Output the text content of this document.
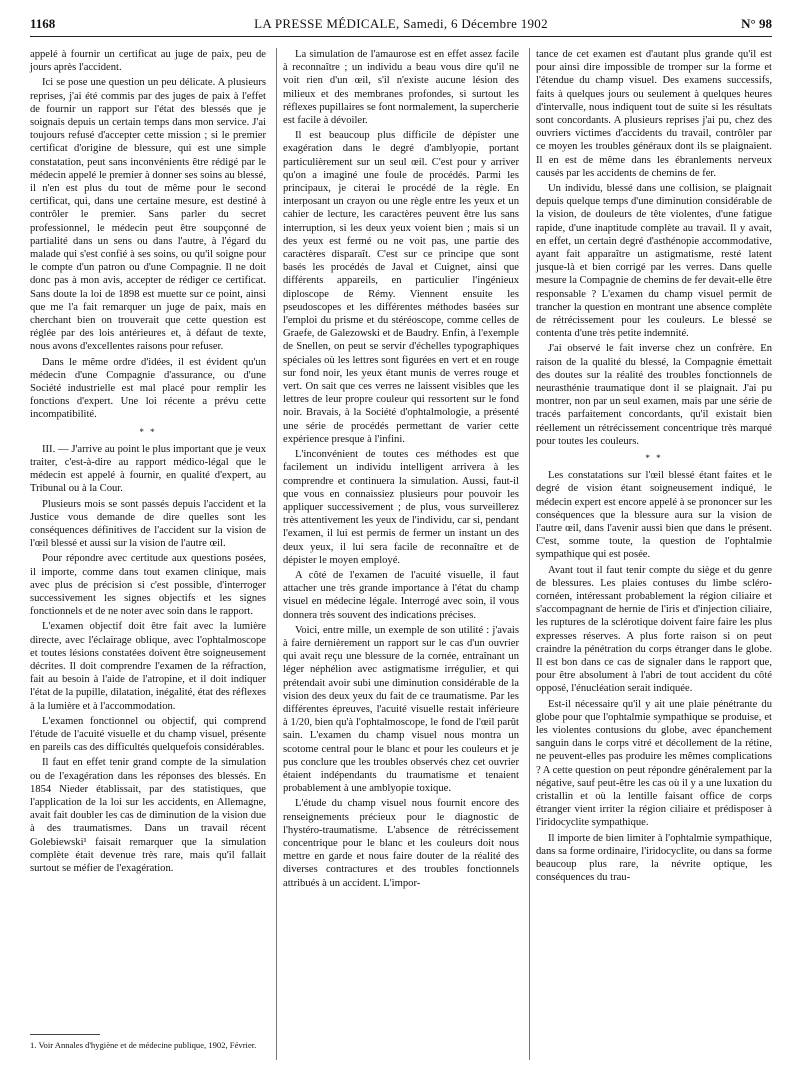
1168	LA PRESSE MÉDICALE, Samedi, 6 Décembre 1902	N° 98

appelé à fournir un certificat au juge de paix, peu de jours après l'accident.

Ici se pose une question un peu délicate. A plusieurs reprises, j'ai été commis par des juges de paix à l'effet de fournir un rapport sur l'état des blessés que je soignais depuis un certain temps dans mon service. J'ai toujours refusé d'accepter cette mission ; si le premier certificat d'origine de blessure, qui est une simple constatation, peut sans inconvénients être rédigé par le médecin appelé le premier à donner ses soins au blessé, il n'en est plus du tout de même pour le second certificat, qui, dans une certaine mesure, est destiné à contrôler le premier. Sans parler du secret professionnel, le médecin peut être soupçonné de partialité dans un sens ou dans l'autre, à l'égard du malade qui s'est confié à ses soins, ou qu'il soigne pour le compte d'un patron ou d'une Compagnie. Il ne doit donc pas à mon avis, accepter de rédiger ce certificat. Sans doute la loi de 1898 est muette sur ce point, ainsi que me l'a fait remarquer un juge de paix, mais en cherchant bien on trouverait que cette question est réglée par des lois antérieures et, à défaut de texte, nous avons d'excellentes raisons pour refuser.

Dans le même ordre d'idées, il est évident qu'un médecin d'une Compagnie d'assurance, ou d'une Société industrielle est mal placé pour remplir les fonctions d'expert. Une loi récente a prévu cette incompatibilité.

* *

III. — J'arrive au point le plus important que je veux traiter, c'est-à-dire au rapport médico-légal que le médecin est appelé à fournir, en qualité d'expert, au Tribunal ou à la Cour.

Plusieurs mois se sont passés depuis l'accident et la Justice vous demande de dire quelles sont les conséquences définitives de l'accident sur la vision de l'œil blessé et aussi sur la vision de l'autre œil.

Pour répondre avec certitude aux questions posées, il importe, comme dans tout examen clinique, mais avec plus de précision si c'est possible, d'interroger successivement les signes objectifs et les signes fonctionnels et de ne noter avec soin dans le rapport.

L'examen objectif doit être fait avec la lumière directe, avec l'éclairage oblique, avec l'ophtalmoscope et toutes lésions constatées doivent être soigneusement décrites. Il doit comprendre l'examen de la réfraction, fait au besoin à l'aide de l'atropine, et il doit indiquer l'état de la pupille, dilatation, inégalité, état des réflexes à la lumière et à l'accommodation.

L'examen fonctionnel ou objectif, qui comprend l'étude de l'acuité visuelle et du champ visuel, présente en pareils cas des difficultés quelquefois considérables.

Il faut en effet tenir grand compte de la simulation ou de l'exagération dans les réponses des blessés. En 1854 Nieder établissait, par des statistiques, que l'application de la loi sur les accidents, en Allemagne, avait fait doubler les cas de diminution de la vision due à des traumatismes. Dans un travail récent Golebiewski¹ faisait remarquer que la simulation complète était devenue très rare, mais qu'il fallait surtout se méfier de l'exagération.

La simulation de l'amaurose est en effet assez facile à reconnaître ; un individu a beau vous dire qu'il ne voit rien d'un œil, s'il n'existe aucune lésion des milieux et des membranes profondes, si surtout les réflexes pupillaires se font normalement, la supercherie est facile à dévoiler.

Il est beaucoup plus difficile de dépister une exagération dans le degré d'amblyopie, portant particulièrement sur un seul œil. C'est pour y arriver qu'on a imaginé une foule de procédés. Parmi les principaux, je citerai le procédé de la règle. En interposant un crayon ou une règle entre les yeux et un cahier de lecture, les caractères peuvent être lus sans interruption, si les deux yeux voient bien ; mais si un des yeux est fermé ou ne voit pas, une partie des caractères disparaît. C'est sur ce principe que sont basés les procédés de Javal et Cuignet, ainsi que différents appareils, en particulier l'ingénieux diploscope de Rémy. Viennent ensuite les pseudoscopes et les différentes méthodes basées sur l'emploi du prisme et du stéréoscope, comme celles de Graefe, de Galezowski et de Baudry. Enfin, à l'exemple de Snellen, on peut se servir d'échelles typographiques spéciales où les lettres sont figurées en vert et en rouge sur fond noir, les yeux étant munis de verres rouge et vert. On sait que ces verres ne laissent visibles que les lettres de leur propre couleur qui ressortent sur le fond noir. Bravais, à la Société d'ophtalmologie, a présenté une série de procédés permettant de varier cette expérience presque à l'infini.

L'inconvénient de toutes ces méthodes est que facilement un individu intelligent arrivera à les comprendre et continuera la simulation. Aussi, faut-il que vous en connaissiez plusieurs pour pouvoir les appliquer successivement ; de plus, vous surveillerez très attentivement les yeux de l'individu, car si, pendant l'examen, il lui est permis de fermer un instant un des deux yeux, il lui sera facile de reconnaître et de dépister le moyen employé.

A côté de l'examen de l'acuité visuelle, il faut attacher une très grande importance à l'état du champ visuel en médecine légale. Interrogé avec soin, il vous donnera très souvent des indications précises.

Voici, entre mille, un exemple de son utilité : j'avais à faire dernièrement un rapport sur le cas d'un ouvrier qui avait reçu une blessure de la cornée, entraînant un léger néphélion avec astigmatisme irrégulier, et qui prétendait avoir subi une diminution considérable de la vision des deux yeux du fait de ce traumatisme. Par les différentes épreuves, l'acuité visuelle restait inférieure à 1/20, bien qu'à l'ophtalmoscope, le fond de l'œil parût sain. L'examen du champ visuel nous montra un scotome central pour le blanc et pour les couleurs et je pus conclure que les troubles observés chez cet ouvrier étaient indépendants du traumatisme et tenaient probablement à une amblyopie toxique.

L'étude du champ visuel nous fournit encore des renseignements précieux pour le diagnostic de l'hystéro-traumatisme. L'absence de rétrécissement concentrique pour le blanc et les couleurs doit nous mettre en garde et nous faire douter de la réalité des diverses contractures et des troubles fonctionnels attribués à un accident. L'impor-

tance de cet examen est d'autant plus grande qu'il est pour ainsi dire impossible de tromper sur la forme et l'étendue du champ visuel. Des examens successifs, faits à quelques jours ou seulement à quelques heures d'intervalle, nous indiquent tout de suite si les résultats sont concordants. A plusieurs reprises j'ai pu, chez des ouvriers victimes d'accidents du travail, contrôler par ce moyen les troubles généraux dont ils se plaignaient. Il en est de même dans les ébranlements nerveux causés par les accidents de chemins de fer.

Un individu, blessé dans une collision, se plaignait depuis quelque temps d'une diminution considérable de la vision, de douleurs de tête violentes, d'une fatigue rapide, d'une inaptitude complète au travail. Il y avait, en effet, un certain degré d'asthénopie accommodative, ayant fait apparaître un astigmatisme, resté latent jusque-là et bien corrigé par les verres. Dans quelle mesure la Compagnie de chemins de fer devait-elle être responsable ? L'examen du champ visuel permit de trancher la question en montrant une absence complète de rétrécissement pour les couleurs. Le blessé se contenta d'une très petite indemnité.

J'ai observé le fait inverse chez un confrère. En raison de la qualité du blessé, la Compagnie émettait des doutes sur la réalité des troubles fonctionnels de neurasthénie traumatique dont il se plaignait. J'ai pu montrer, non par un seul examen, mais par une série de tracés parfaitement concordants, qu'il existait bien réellement un rétrécissement concentrique très marqué pour toutes les couleurs.

* *

Les constatations sur l'œil blessé étant faites et le degré de vision étant soigneusement indiqué, le médecin expert est encore appelé à se prononcer sur les conséquences que la blessure aura sur la vision de l'autre œil, dans l'avenir aussi bien que dans le présent. C'est, somme toute, la question de l'ophtalmie sympathique qui est posée.

Avant tout il faut tenir compte du siège et du genre de blessures. Les plaies contuses du limbe scléro-cornéen, intéressant probablement la région ciliaire et s'accompagnant de hernie de l'iris et d'injection ciliaire, les ruptures de la sclérotique doivent faire faire les plus expresses réserves. A plus forte raison si on peut craindre la pénétration du corps étranger dans le globe. Il est bon dans ce cas de signaler dans le rapport que, pour être absolument à l'abri de tout accident du côté opposé, l'énucléation serait indiquée.

Est-il nécessaire qu'il y ait une plaie pénétrante du globe pour que l'ophtalmie sympathique se produise, et les violentes contusions du globe, avec épanchement sanguin dans le corps vitré et décollement de la rétine, ne peuvent-elles pas produire les mêmes complications ? A cette question on peut répondre généralement par la négative, sauf peut-être les cas où il y a une luxation du cristallin et où la lentille faisant office de corps étranger vient irriter la région ciliaire et prédisposer à l'iridocyclite sympathique.

Il importe de bien limiter à l'ophtalmie sympathique, dans sa forme ordinaire, l'iridocyclite, ou dans sa forme beaucoup plus rare, la névrite optique, les conséquences du trau-

1. Voir Annales d'hygiène et de médecine publique, 1902, Février.
